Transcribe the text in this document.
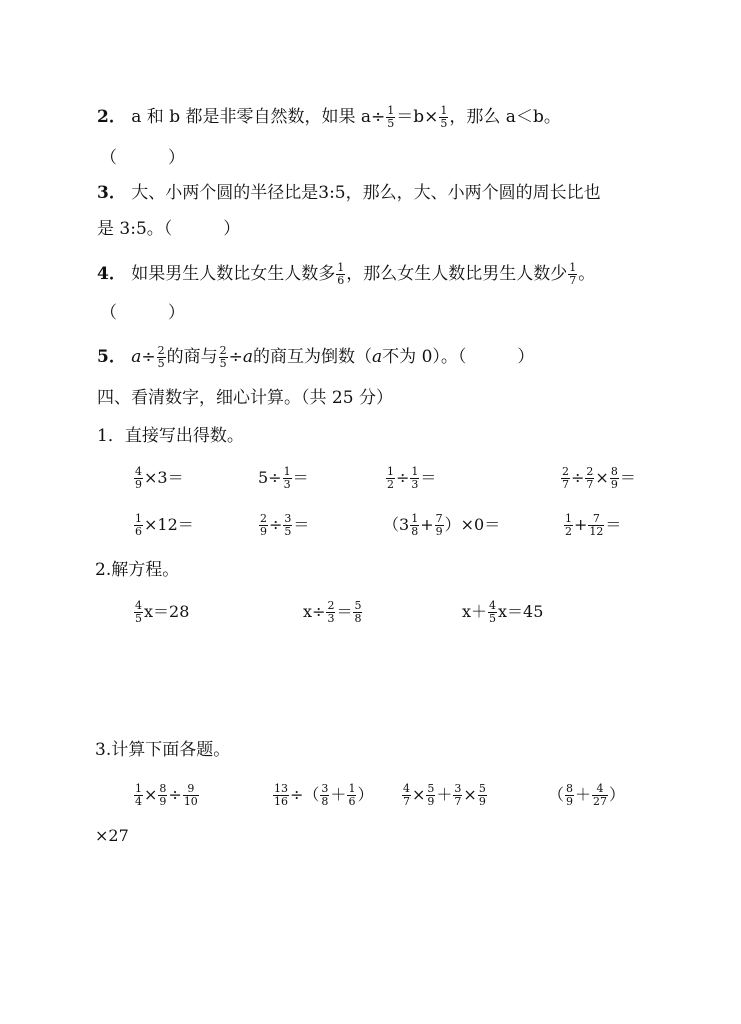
2． a 和 b 都是非零自然数，如果 $a\div \frac{1}{5} =b\times \frac{1}{5}$ ，那么 a＜b。
（　　　）
3． 大、小两个圆的半径比是3:5，那么，大、小两个圆的周长比也
是 3:5。（　　　）
4． 如果男生人数比女生人数多 $\frac{1}{6}$ ，那么女生人数比男生人数少 $\frac{1}{7}$ 。
（　　　）
5． $a\div \frac{2}{5}$ 的商与 $\frac{2}{5} \div a$的商互为倒数（a不为 0）。（　　　）
四、看清数字，细心计算。（共 25 分）
1．直接写出得数。
$\frac{4}{9} \times 3=$	$5\div \frac{1}{3}$ ＝	$\frac{1}{2} \div \frac{1}{3}$ ＝	$\frac{2}{7} \div \frac{2}{7} \times \frac{8}{9}$ ＝
$\frac{1}{6} \times 12=$	$\frac{2}{9} \div \frac{3}{5}$ ＝	$(3 \frac{1}{8} + \frac{7}{9} )\times 0=$	$\frac{1}{2} + \frac{7}{12}$ ＝
2.解方程。
$\frac{4}{5} x=28$	$x\div \frac{2}{3} = \frac{5}{8}$	$x+ \frac{4}{5} x=45$
3.计算下面各题。
$\frac{1}{4} \times \frac{8}{9} \div \frac{9}{10}$	$\frac{13}{16}$ ÷（ $\frac{3}{8} + \frac{1}{6}$ ）	$\frac{4}{7} \times \frac{5}{9} + \frac{3}{7} \times \frac{5}{9}$	（ $\frac{8}{9} + \frac{4}{27}$ ）
×27
